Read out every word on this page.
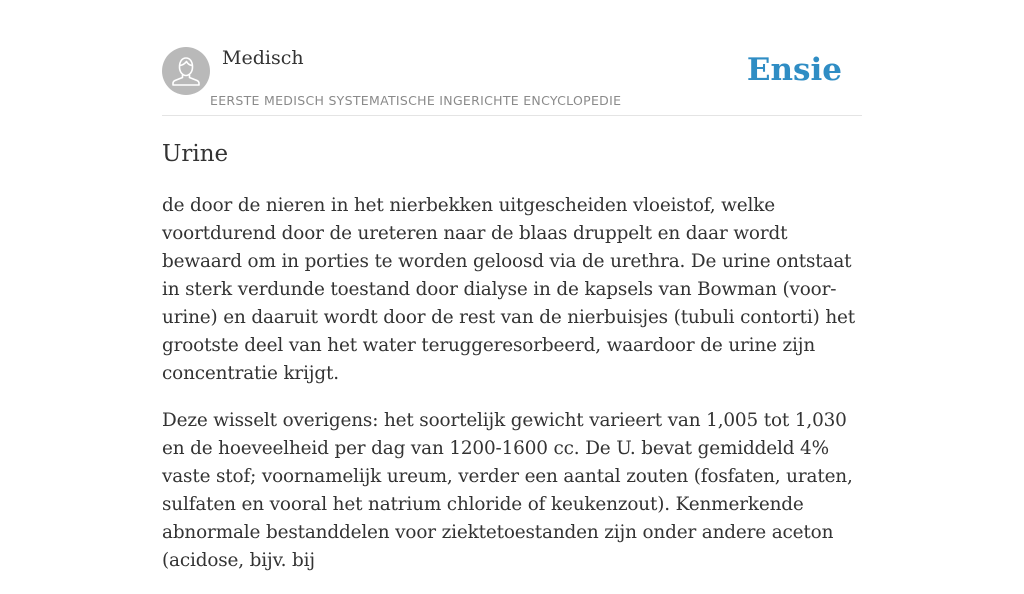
Medisch
EERSTE MEDISCH SYSTEMATISCHE INGERICHTE ENCYCLOPEDIE
Ensie
Urine

de door de nieren in het nierbekken uitgescheiden vloeistof, welke voortdurend door de ureteren naar de blaas druppelt en daar wordt bewaard om in porties te worden geloosd via de urethra. De urine ontstaat in sterk verdunde toestand door dialyse in de kapsels van Bowman (voor-urine) en daaruit wordt door de rest van de nierbuisjes (tubuli contorti) het grootste deel van het water teruggeresorbeerd, waardoor de urine zijn concentratie krijgt.

Deze wisselt overigens: het soortelijk gewicht varieert van 1,005 tot 1,030 en de hoeveelheid per dag van 1200-1600 cc. De U. bevat gemiddeld 4% vaste stof; voornamelijk ureum, verder een aantal zouten (fosfaten, uraten, sulfaten en vooral het natrium chloride of keukenzout). Kenmerkende abnormale bestanddelen voor ziektetoestanden zijn onder andere aceton (acidose, bijv. bij
